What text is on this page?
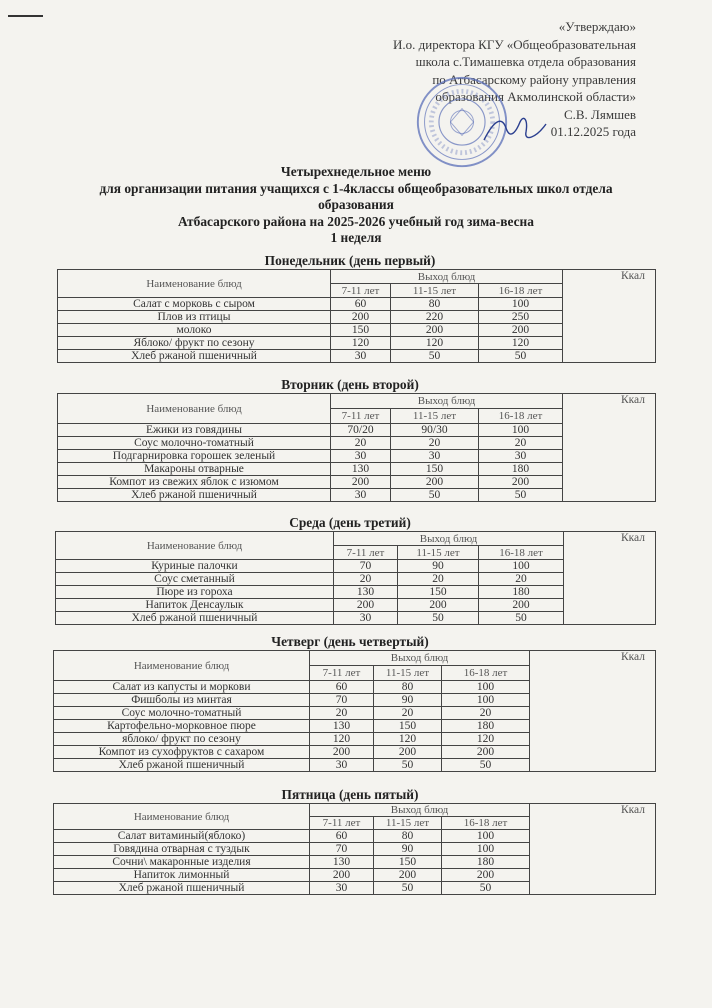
«Утверждаю»
И.о. директора КГУ «Общеобразовательная
школа с.Тимашевка отдела образования
по Атбасарскому району управления
образования Акмолинской области»
С.В. Лямшев
01.12.2025 года
Четырехнедельное меню
для организации питания учащихся с 1-4классы общеобразовательных школ отдела
образования
Атбасарского района на 2025-2026 учебный год зима-весна
1 неделя
Понедельник (день первый)
Наименование блюд	Выход блюд			Ккал
	7-11 лет	11-15 лет	16-18 лет	
Салат с морковь с сыром	60	80	100	
Плов из птицы	200	220	250	
молоко	150	200	200	
Яблоко/ фрукт по сезону	120	120	120	
Хлеб ржаной пшеничный	30	50	50	
Вторник (день второй)
Наименование блюд	Выход блюд			Ккал
	7-11 лет	11-15 лет	16-18 лет	
Ежики из говядины	70/20	90/30	100	
Соус молочно-томатный	20	20	20	
Подгарнировка горошек зеленый	30	30	30	
Макароны отварные	130	150	180	
Компот из свежих яблок с изюмом	200	200	200	
Хлеб ржаной пшеничный	30	50	50	
Среда (день третий)
Наименование блюд	Выход блюд			Ккал
	7-11 лет	11-15 лет	16-18 лет	
Куриные палочки	70	90	100	
Соус сметанный	20	20	20	
Пюре из гороха	130	150	180	
Напиток Денсаулык	200	200	200	
Хлеб ржаной пшеничный	30	50	50	
Четверг (день четвертый)
Наименование блюд	Выход блюд			Ккал
	7-11 лет	11-15 лет	16-18 лет	
Салат из капусты и моркови	60	80	100	
Фишболы из минтая	70	90	100	
Соус молочно-томатный	20	20	20	
Картофельно-морковное пюре	130	150	180	
яблоко/ фрукт по сезону	120	120	120	
Компот из сухофруктов с сахаром	200	200	200	
Хлеб ржаной пшеничный	30	50	50	
Пятница (день пятый)
Наименование блюд	Выход блюд			Ккал
	7-11 лет	11-15 лет	16-18 лет	
Салат витаминый(яблоко)	60	80	100	
Говядина отварная с туздык	70	90	100	
Сочни\ макаронные изделия	130	150	180	
Напиток лимонный	200	200	200	
Хлеб ржаной пшеничный	30	50	50	
